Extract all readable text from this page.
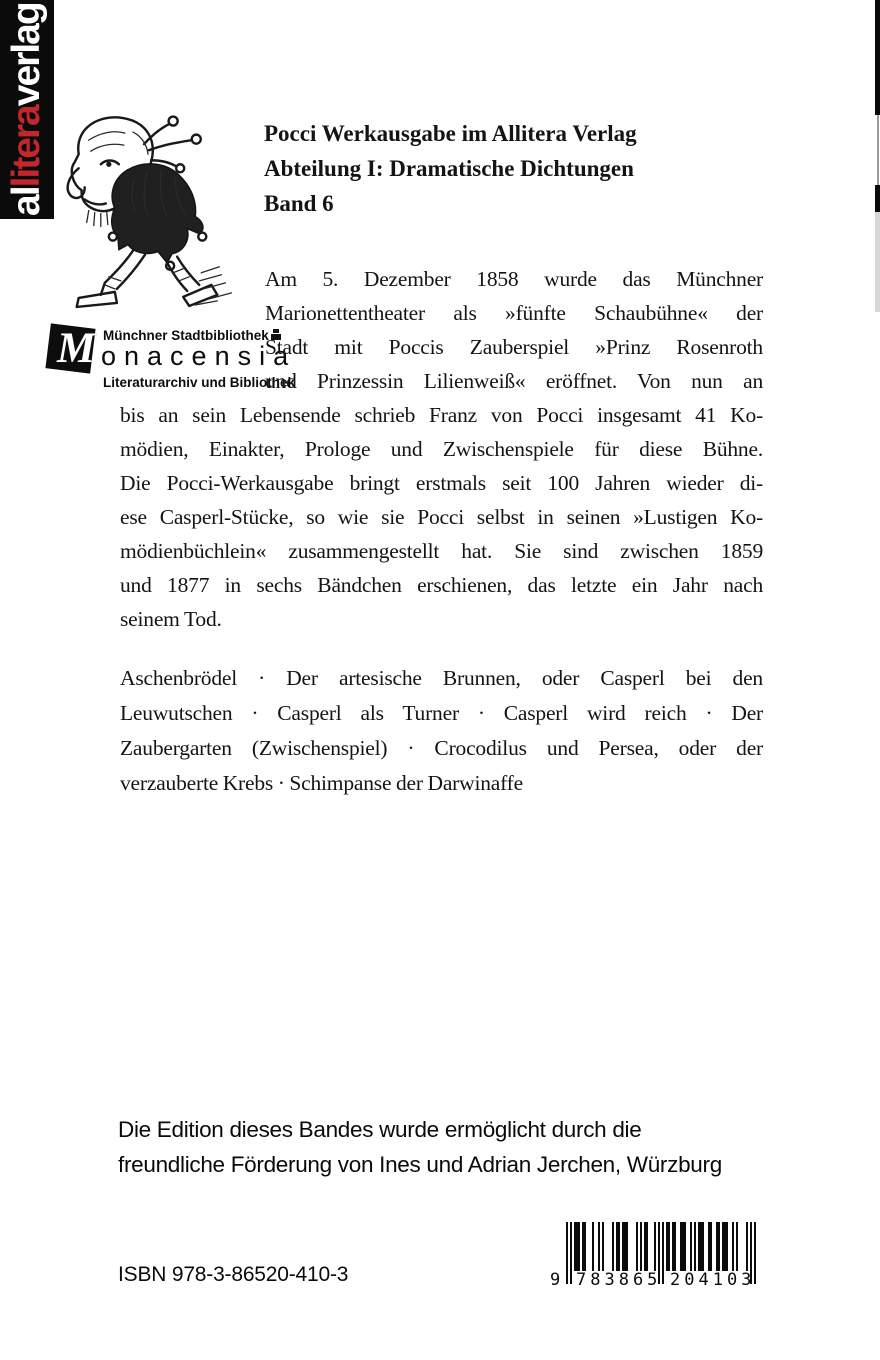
alliteraverlag
M Münchner Stadtbibliothek
onacensia
Literaturarchiv und Bibliothek
Pocci Werkausgabe im Allitera Verlag
Abteilung I: Dramatische Dichtungen
Band 6
Am 5. Dezember 1858 wurde das Münchner
Marionettentheater als »fünfte Schaubühne« der
Stadt mit Poccis Zauberspiel »Prinz Rosenroth
und Prinzessin Lilienweiß« eröffnet. Von nun an
bis an sein Lebensende schrieb Franz von Pocci insgesamt 41 Ko-
mödien, Einakter, Prologe und Zwischenspiele für diese Bühne.
Die Pocci-Werkausgabe bringt erstmals seit 100 Jahren wieder di-
ese Casperl-Stücke, so wie sie Pocci selbst in seinen »Lustigen Ko-
mödienbüchlein« zusammengestellt hat. Sie sind zwischen 1859
und 1877 in sechs Bändchen erschienen, das letzte ein Jahr nach
seinem Tod.
Aschenbrödel · Der artesische Brunnen, oder Casperl bei den
Leuwutschen · Casperl als Turner · Casperl wird reich · Der
Zaubergarten (Zwischenspiel) · Crocodilus und Persea, oder der
verzauberte Krebs · Schimpanse der Darwinaffe
Die Edition dieses Bandes wurde ermöglicht durch die
freundliche Förderung von Ines und Adrian Jerchen, Würzburg
ISBN 978-3-86520-410-3	9 783865 204103
